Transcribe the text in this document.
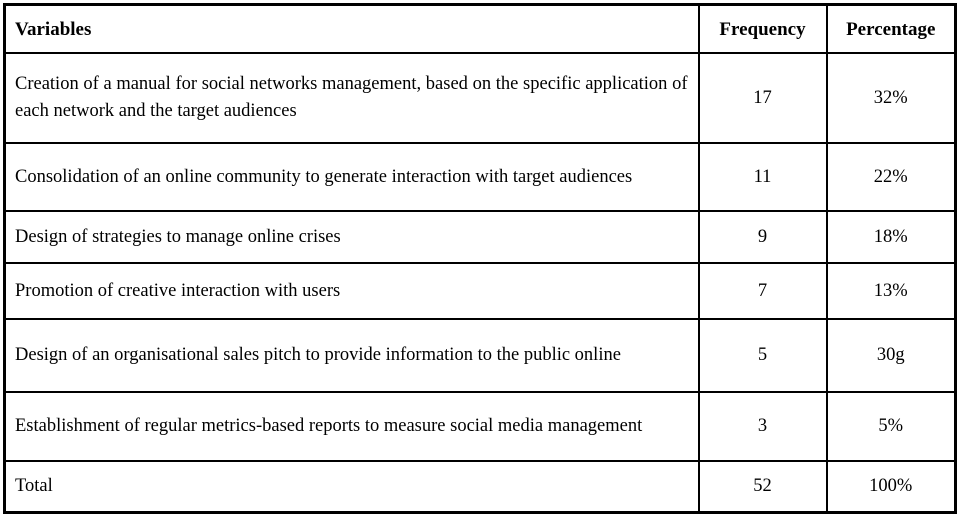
Variables	Frequency	Percentage
Creation of a manual for social networks management, based on the specific application of each network and the target audiences	17	32%
Consolidation of an online community to generate interaction with target audiences	11	22%
Design of strategies to manage online crises	9	18%
Promotion of creative interaction with users	7	13%
Design of an organisational sales pitch to provide information to the public online	5	30g
Establishment of regular metrics-based reports to measure social media management	3	5%
Total	52	100%
